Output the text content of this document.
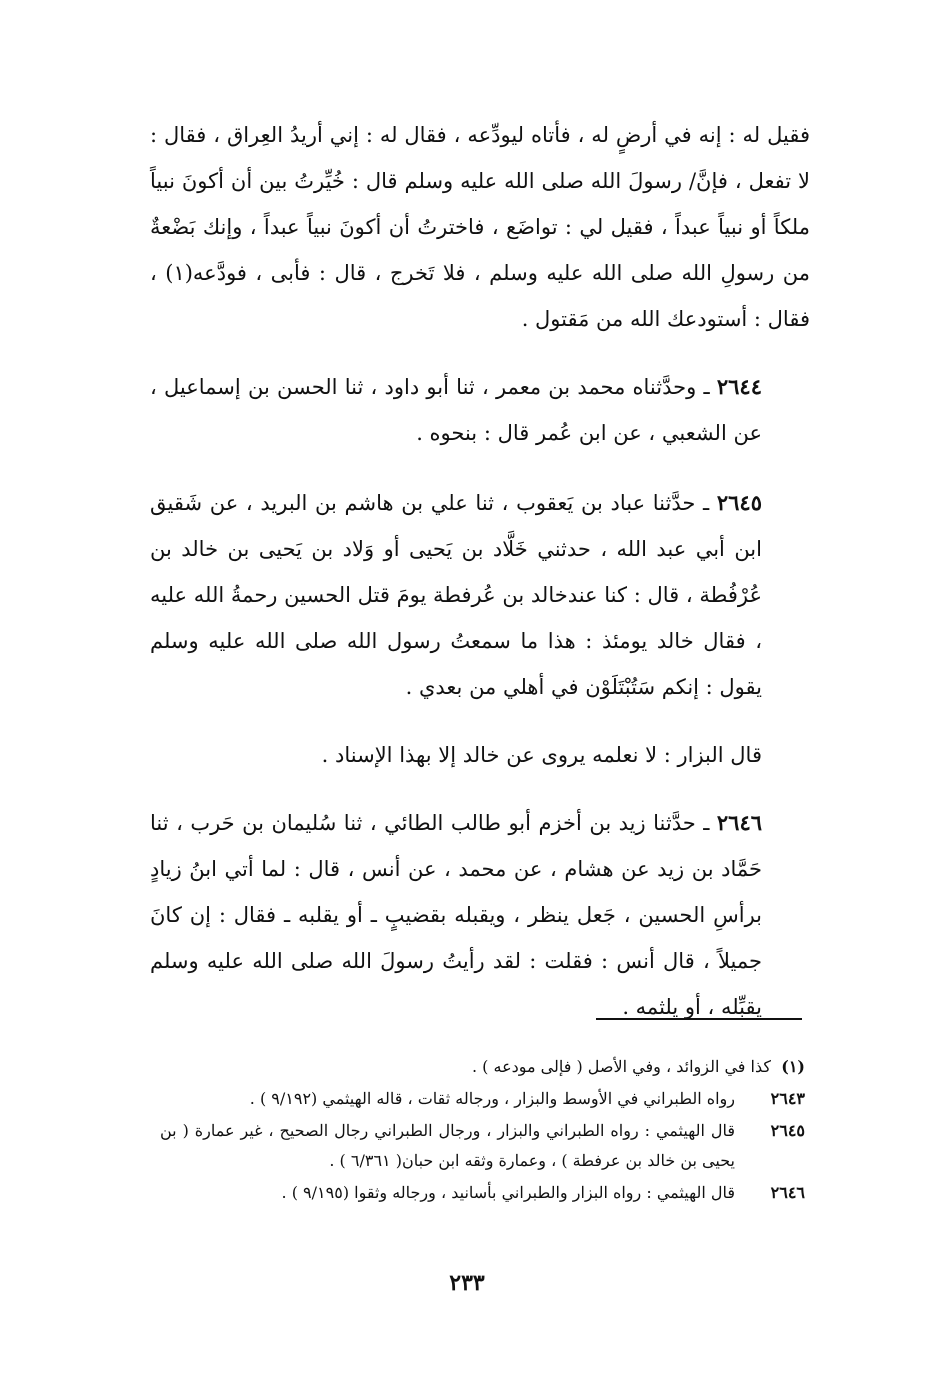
فقيل له : إنه في أرضٍ له ، فأتاه ليودِّعه ، فقال له : إني أريدُ العِراق ، فقال : لا تفعل ، فإنَّ/ رسولَ الله صلى الله عليه وسلم قال : خُيِّرتُ بين أن أكونَ نبياً ملكاً أو نبياً عبداً ، فقيل لي : تواضَع ، فاخترتُ أن أكونَ نبياً عبداً ، وإنك بَضْعةٌ من رسولِ الله صلى الله عليه وسلم ، فلا تَخرج ، قال : فأبى ، فودَّعه(١) ، فقال : أستودعك الله من مَقتول .

٢٦٤٤ ـ وحدَّثناه محمد بن معمر ، ثنا أبو داود ، ثنا الحسن بن إسماعيل ، عن الشعبي ، عن ابن عُمر قال : بنحوه .

٢٦٤٥ ـ حدَّثنا عباد بن يَعقوب ، ثنا علي بن هاشم بن البريد ، عن شَقيق ابن أبي عبد الله ، حدثني خَلَّاد بن يَحيى أو وَلاد بن يَحيى بن خالد بن عُرْفُطة ، قال : كنا عندخالد بن عُرفطة يومَ قتل الحسين رحمةُ الله عليه ، فقال خالد يومئذ : هذا ما سمعتُ رسول الله صلى الله عليه وسلم يقول : إنكم سَتُبْتَلَوْن في أهلي من بعدي .

قال البزار : لا نعلمه يروى عن خالد إلا بهذا الإسناد .

٢٦٤٦ ـ حدَّثنا زيد بن أخزم أبو طالب الطائي ، ثنا سُليمان بن حَرب ، ثنا حَمَّاد بن زيد عن هشام ، عن محمد ، عن أنس ، قال : لما أتي ابنُ زيادٍ برأسِ الحسين ، جَعل ينظر ، ويقبله بقضيبٍ ـ أو يقلبه ـ فقال : إن كانَ جميلاً ، قال أنس : فقلت : لقد رأيتُ رسولَ الله صلى الله عليه وسلم يقبِّله ، أو يلثمه .

(١)
كذا في الزوائد ، وفي الأصل ( فإلى مودعه ) .
٢٦٤٣
رواه الطبراني في الأوسط والبزار ، ورجاله ثقات ، قاله الهيثمي (٩/١٩٢ ) .
٢٦٤٥
قال الهيثمي : رواه الطبراني والبزار ، ورجال الطبراني رجال الصحيح ، غير عمارة ( بن يحيى بن خالد بن عرفطة ) ، وعمارة وثقه ابن حبان( ٦/٣٦١ ) .
٢٦٤٦
قال الهيثمي : رواه البزار والطبراني بأسانيد ، ورجاله وثقوا (٩/١٩٥ ) .
٢٣٣
